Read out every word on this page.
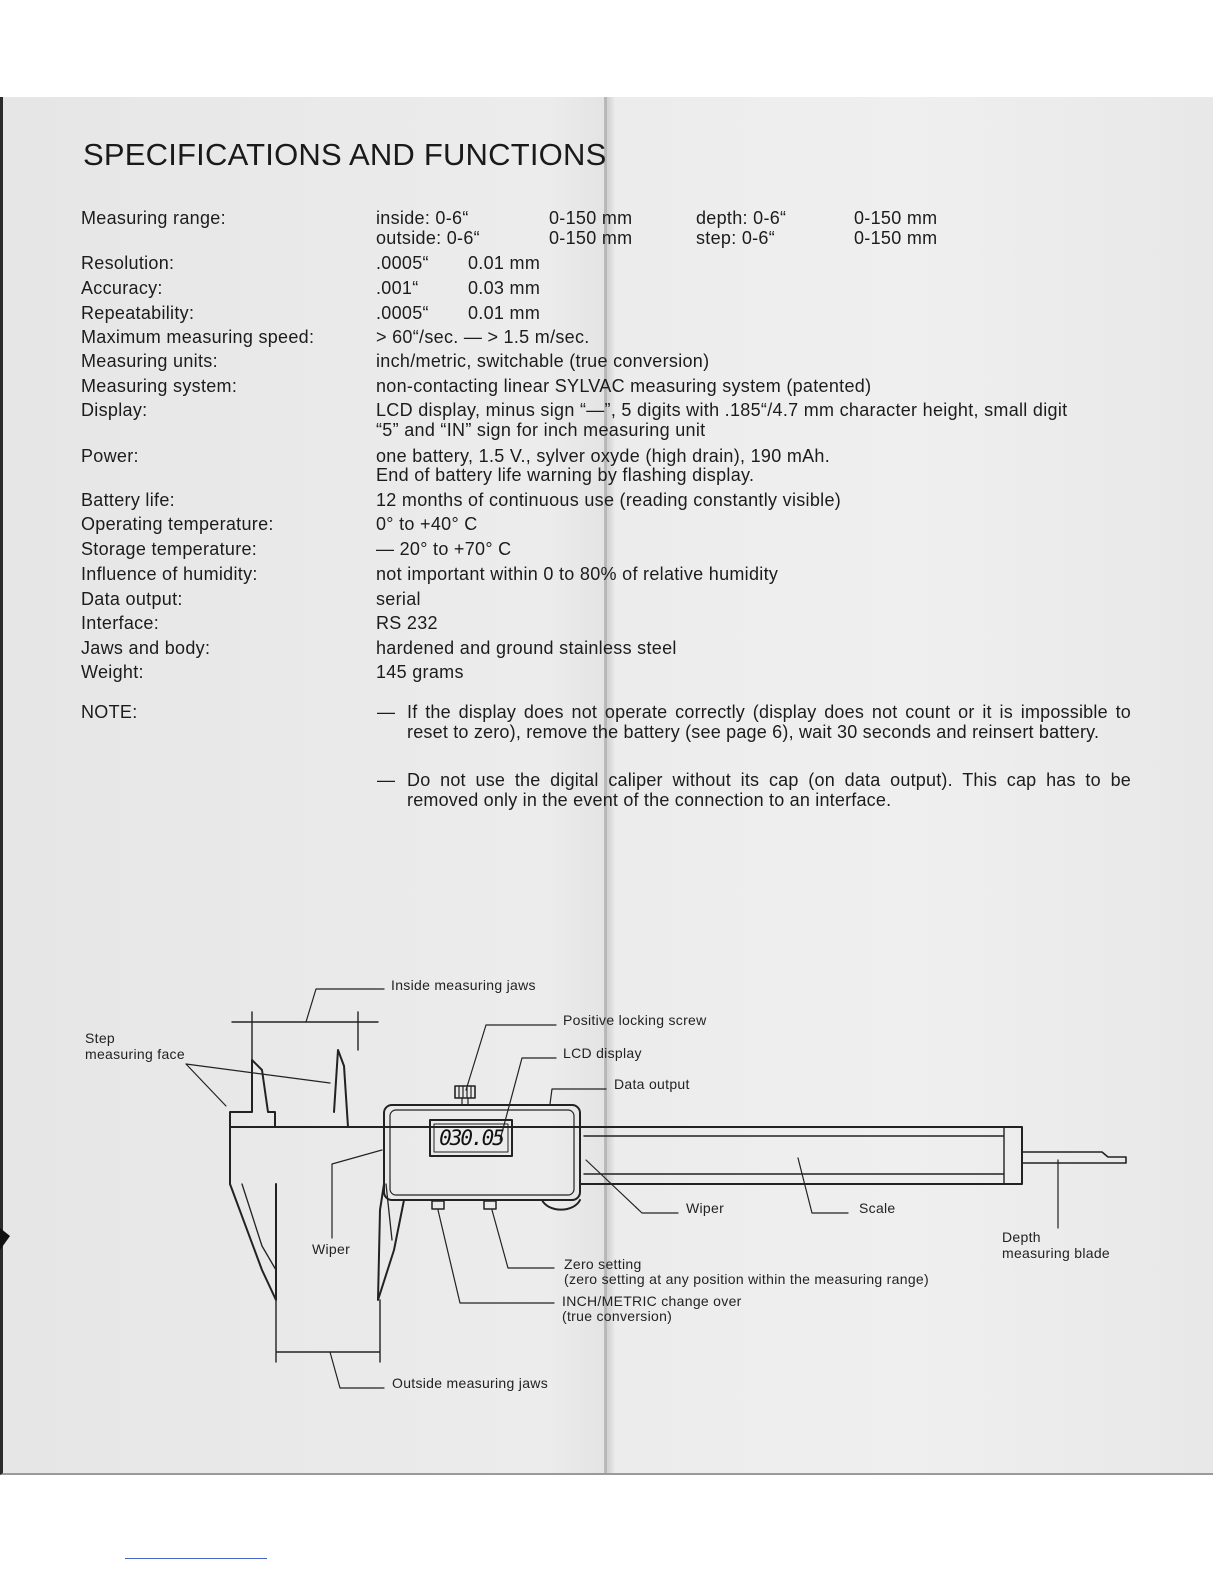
SPECIFICATIONS AND FUNCTIONS
Measuring range:	inside: 0-6“	0-150 mm	depth: 0-6“	0-150 mm
outside: 0-6“	0-150 mm	step: 0-6“	0-150 mm
Resolution:	.0005“ 0.01 mm
Accuracy:	.001“	0.03 mm
Repeatability:	.0005“ 0.01 mm
Maximum measuring speed:	> 60“/sec. — > 1.5 m/sec.
Measuring units:	inch/metric, switchable (true conversion)
Measuring system:	non-contacting linear SYLVAC measuring system (patented)
Display:	LCD display, minus sign “—”, 5 digits with .185“/4.7 mm character height, small digit
“5” and “IN” sign for inch measuring unit
Power:	one battery, 1.5 V., sylver oxyde (high drain), 190 mAh.
End of battery life warning by flashing display.
Battery life:	12 months of continuous use (reading constantly visible)
Operating temperature:	0° to +40° C
Storage temperature:	— 20° to +70° C
Influence of humidity:	not important within 0 to 80% of relative humidity
Data output:	serial
Interface:	RS 232
Jaws and body:	hardened and ground stainless steel
Weight:	145 grams
NOTE:	— If the display does not operate correctly (display does not count or it is impossible to reset to zero), remove the battery (see page 6), wait 30 seconds and reinsert battery.
— Do not use the digital caliper without its cap (on data output). This cap has to be removed only in the event of the connection to an interface.
030.05
Inside measuring jaws
Step
measuring face
Positive locking screw
LCD display
Data output
Wiper	Scale
Wiper
Depth
measuring blade
Zero setting
(zero setting at any position within the measuring range)
INCH/METRIC change over
(true conversion)
Outside measuring jaws
